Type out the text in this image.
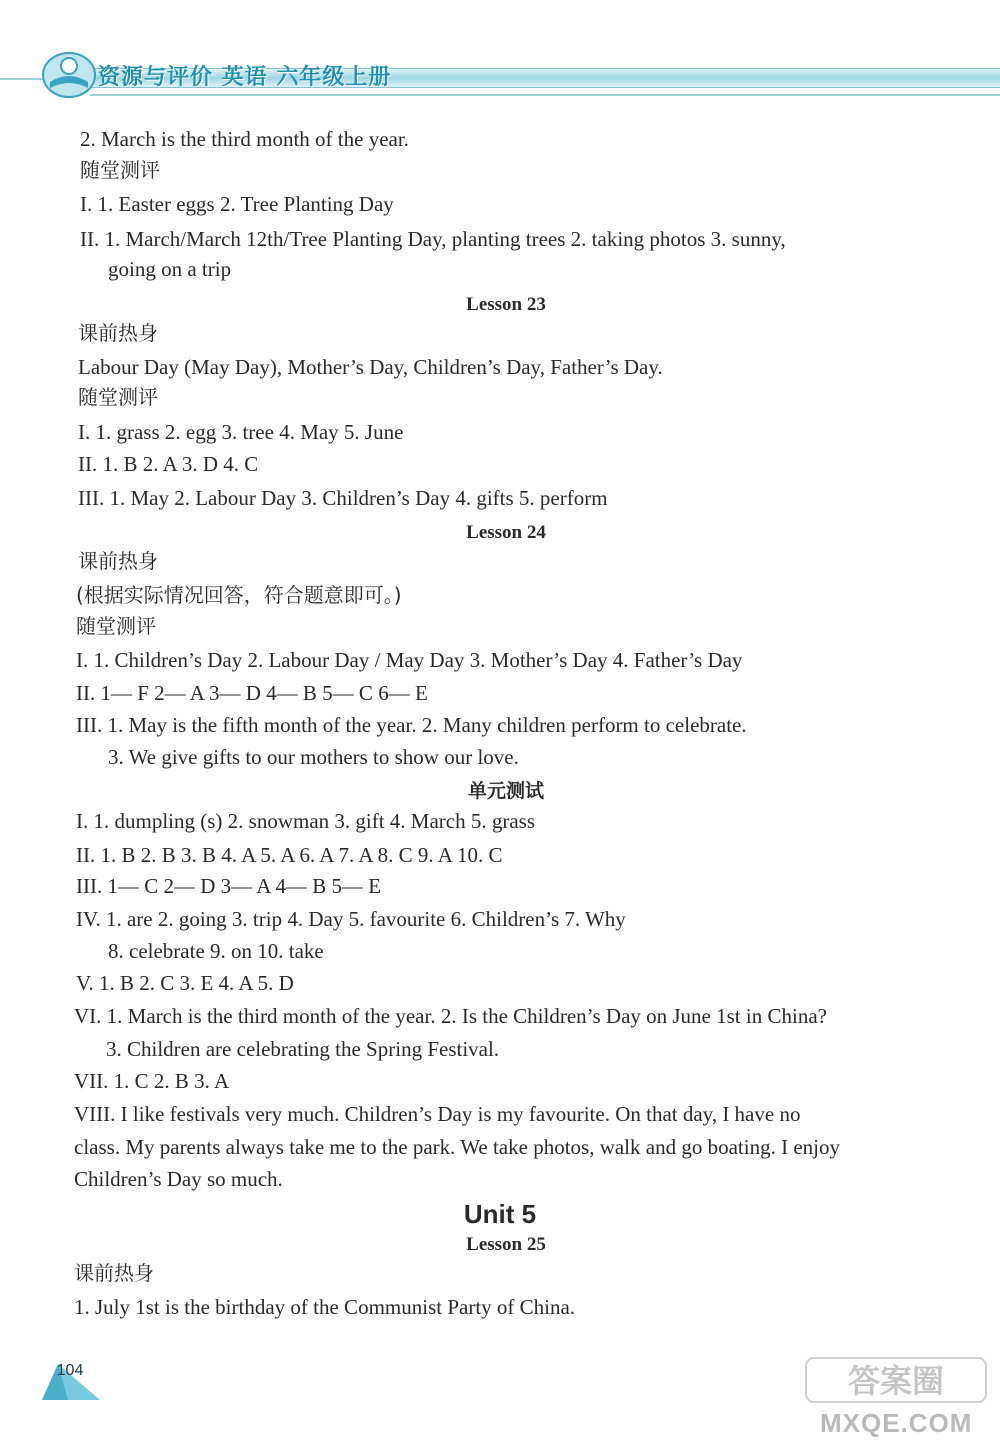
资源与评价 英语 六年级上册
2. March is the third month of the year.
随堂测评
I. 1. Easter eggs 2. Tree Planting Day
II. 1. March/March 12th/Tree Planting Day, planting trees 2. taking photos 3. sunny,
going on a trip
Lesson 23
课前热身
Labour Day (May Day), Mother’s Day, Children’s Day, Father’s Day.
随堂测评
I. 1. grass 2. egg 3. tree 4. May 5. June
II. 1. B 2. A 3. D 4. C
III. 1. May 2. Labour Day 3. Children’s Day 4. gifts 5. perform
Lesson 24
课前热身
(根据实际情况回答，符合题意即可。)
随堂测评
I. 1. Children’s Day 2. Labour Day / May Day 3. Mother’s Day 4. Father’s Day
II. 1— F 2— A 3— D 4— B 5— C 6— E
III. 1. May is the fifth month of the year. 2. Many children perform to celebrate.
3. We give gifts to our mothers to show our love.
单元测试
I. 1. dumpling (s) 2. snowman 3. gift 4. March 5. grass
II. 1. B 2. B 3. B 4. A 5. A 6. A 7. A 8. C 9. A 10. C
III. 1— C 2— D 3— A 4— B 5— E
IV. 1. are 2. going 3. trip 4. Day 5. favourite 6. Children’s 7. Why
8. celebrate 9. on 10. take
V. 1. B 2. C 3. E 4. A 5. D
VI. 1. March is the third month of the year. 2. Is the Children’s Day on June 1st in China?
3. Children are celebrating the Spring Festival.
VII. 1. C 2. B 3. A
VIII. I like festivals very much. Children’s Day is my favourite. On that day, I have no
class. My parents always take me to the park. We take photos, walk and go boating. I enjoy
Children’s Day so much.
Unit 5
Lesson 25
课前热身
1. July 1st is the birthday of the Communist Party of China.
104	答案圈
MXQE.COM
